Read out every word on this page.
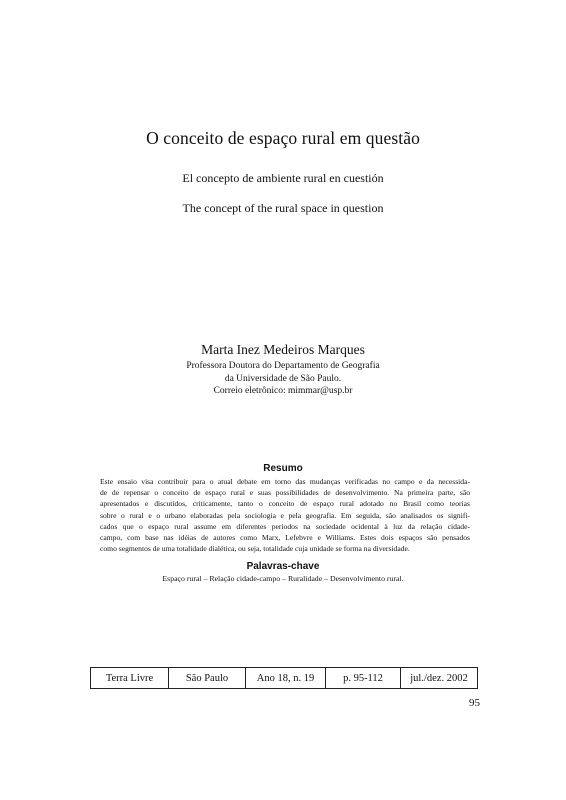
O conceito de espaço rural em questão
El concepto de ambiente rural en cuestión
The concept of the rural space in question
Marta Inez Medeiros Marques
Professora Doutora do Departamento de Geografia
da Universidade de São Paulo.
Correio eletrônico: mimmar@usp.br
Resumo
Este ensaio visa contribuir para o atual debate em torno das mudanças verificadas no campo e da necessida-
de de repensar o conceito de espaço rural e suas possibilidades de desenvolvimento. Na primeira parte, são
apresentados e discutidos, criticamente, tanto o conceito de espaço rural adotado no Brasil como teorias
sobre o rural e o urbano elaboradas pela sociologia e pela geografia. Em seguida, são analisados os signifi-
cados que o espaço rural assume em diferentes períodos na sociedade ocidental à luz da relação cidade-
campo, com base nas idéias de autores como Marx, Lefebvre e Williams. Estes dois espaços são pensados
como segmentos de uma totalidade dialética, ou seja, totalidade cuja unidade se forma na diversidade.
Palavras-chave
Espaço rural – Relação cidade-campo – Ruralidade – Desenvolvimento rural.
Terra Livre	São Paulo	Ano 18, n. 19	p. 95-112	jul./dez. 2002
95
